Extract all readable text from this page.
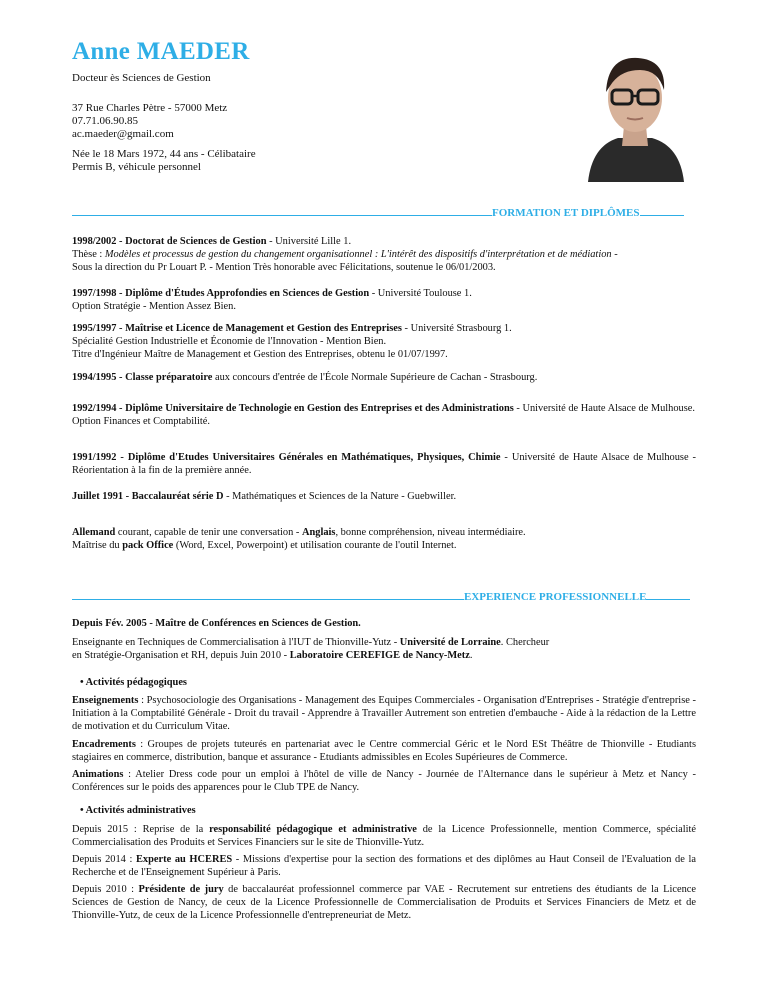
Anne MAEDER
Docteur ès Sciences de Gestion
37 Rue Charles Pètre - 57000 Metz
07.71.06.90.85
ac.maeder@gmail.com
Née le 18 Mars 1972, 44 ans - Célibataire
Permis B, véhicule personnel
FORMATION ET DIPLÔMES
1998/2002 - Doctorat de Sciences de Gestion - Université Lille 1.
Thèse : Modèles et processus de gestion du changement organisationnel : L'intérêt des dispositifs d'interprétation et de médiation -
Sous la direction du Pr Louart P. - Mention Très honorable avec Félicitations, soutenue le 06/01/2003.
1997/1998 - Diplôme d'Études Approfondies en Sciences de Gestion - Université Toulouse 1.
Option Stratégie - Mention Assez Bien.
1995/1997 - Maîtrise et Licence de Management et Gestion des Entreprises - Université Strasbourg 1.
Spécialité Gestion Industrielle et Économie de l'Innovation - Mention Bien.
Titre d'Ingénieur Maître de Management et Gestion des Entreprises, obtenu le 01/07/1997.
1994/1995 - Classe préparatoire aux concours d'entrée de l'École Normale Supérieure de Cachan - Strasbourg.
1992/1994 - Diplôme Universitaire de Technologie en Gestion des Entreprises et des Administrations - Université de Haute Alsace de Mulhouse.
Option Finances et Comptabilité.
1991/1992 - Diplôme d'Etudes Universitaires Générales en Mathématiques, Physiques, Chimie - Université de Haute Alsace de Mulhouse - Réorientation à la fin de la première année.
Juillet 1991 - Baccalauréat série D - Mathématiques et Sciences de la Nature - Guebwiller.
Allemand courant, capable de tenir une conversation - Anglais, bonne compréhension, niveau intermédiaire.
Maîtrise du pack Office (Word, Excel, Powerpoint) et utilisation courante de l'outil Internet.
EXPERIENCE PROFESSIONNELLE
Depuis Fév. 2005 - Maître de Conférences en Sciences de Gestion.
Enseignante en Techniques de Commercialisation à l'IUT de Thionville-Yutz - Université de Lorraine. Chercheur
en Stratégie-Organisation et RH, depuis Juin 2010 - Laboratoire CEREFIGE de Nancy-Metz.
• Activités pédagogiques
Enseignements : Psychosociologie des Organisations - Management des Equipes Commerciales - Organisation d'Entreprises - Stratégie d'entreprise - Initiation à la Comptabilité Générale - Droit du travail - Apprendre à Travailler Autrement son entretien d'embauche - Aide à la rédaction de la Lettre de motivation et du Curriculum Vitae.
Encadrements : Groupes de projets tuteurés en partenariat avec le Centre commercial Géric et le Nord ESt Théâtre de Thionville - Etudiants stagiaires en commerce, distribution, banque et assurance - Etudiants admissibles en Ecoles Supérieures de Commerce.
Animations : Atelier Dress code pour un emploi à l'hôtel de ville de Nancy - Journée de l'Alternance dans le supérieur à Metz et Nancy - Conférences sur le poids des apparences pour le Club TPE de Nancy.
• Activités administratives
Depuis 2015 : Reprise de la responsabilité pédagogique et administrative de la Licence Professionnelle, mention Commerce, spécialité Commercialisation des Produits et Services Financiers sur le site de Thionville-Yutz.
Depuis 2014 : Experte au HCERES - Missions d'expertise pour la section des formations et des diplômes au Haut Conseil de l'Evaluation de la Recherche et de l'Enseignement Supérieur à Paris.
Depuis 2010 : Présidente de jury de baccalauréat professionnel commerce par VAE - Recrutement sur entretiens des étudiants de la Licence Sciences de Gestion de Nancy, de ceux de la Licence Professionnelle de Commercialisation de Produits et Services Financiers de Metz et de Thionville-Yutz, de ceux de la Licence Professionnelle d'entrepreneuriat de Metz.
